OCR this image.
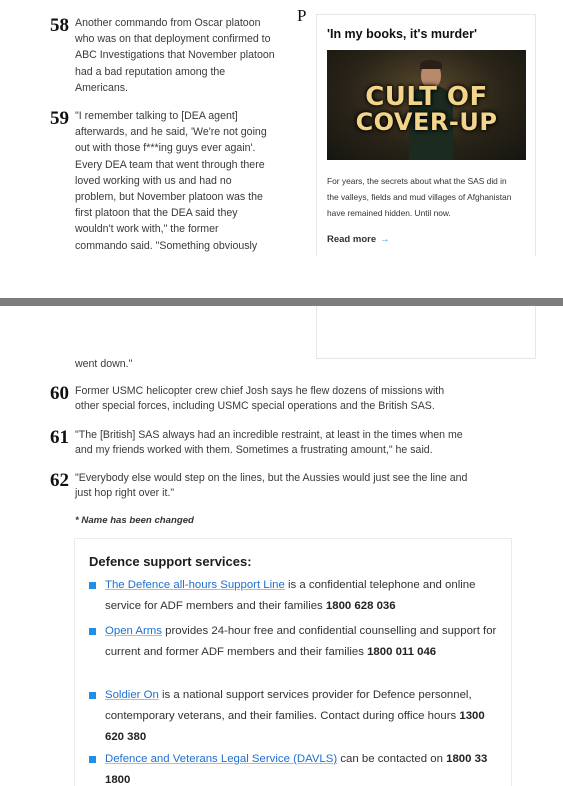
58 Another commando from Oscar platoon
who was on that deployment confirmed to
ABC Investigations that November platoon
had a bad reputation among the
Americans.
59 "I remember talking to [DEA agent]
afterwards, and he said, 'We're not going
out with those f***ing guys ever again'.
Every DEA team that went through there
loved working with us and had no
problem, but November platoon was the
first platoon that the DEA said they
wouldn't work with," the former
commando said. "Something obviously
P
'In my books, it's murder'
CULT OF
COVER-UP
For years, the secrets about what the SAS did in
the valleys, fields and mud villages of Afghanistan
have remained hidden. Until now.
Read more →
went down."
60 Former USMC helicopter crew chief Josh says he flew dozens of missions with
other special forces, including USMC special operations and the British SAS.
61 "The [British] SAS always had an incredible restraint, at least in the times when me
and my friends worked with them. Sometimes a frustrating amount," he said.
62 "Everybody else would step on the lines, but the Aussies would just see the line and
just hop right over it."
* Name has been changed
Defence support services:
The Defence all-hours Support Line is a confidential telephone and online service for ADF members and their families 1800 628 036
Open Arms provides 24-hour free and confidential counselling and support for current and former ADF members and their families 1800 011 046
Soldier On is a national support services provider for Defence personnel, contemporary veterans, and their families. Contact during office hours 1300 620 380
Defence and Veterans Legal Service (DAVLS) can be contacted on 1800 33 1800
